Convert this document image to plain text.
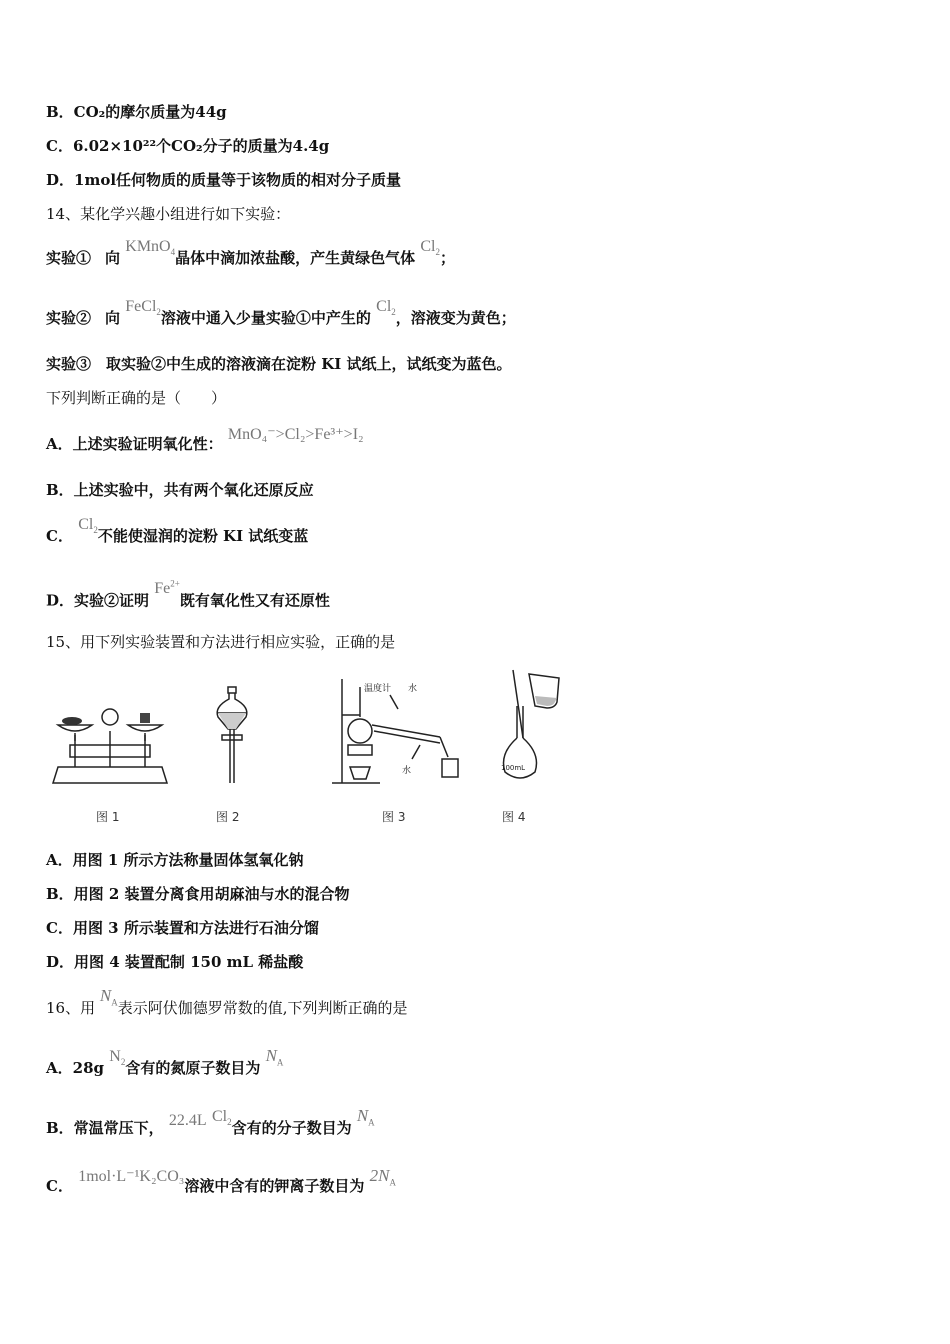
B．CO₂的摩尔质量为44g
C．6.02×10²²个CO₂分子的质量为4.4g
D．1mol任何物质的质量等于该物质的相对分子质量
14、某化学兴趣小组进行如下实验：
实验① 向 KMnO$_4$晶体中滴加浓盐酸，产生黄绿色气体 $Cl_2$；
实验② 向 FeCl$_2$溶液中通入少量实验①中产生的 $Cl_2$，溶液变为黄色；
实验③　取实验②中生成的溶液滴在淀粉 KI 试纸上，试纸变为蓝色。
下列判断正确的是（　　）
A．上述实验证明氧化性： MnO₄⁻>Cl₂>Fe³⁺>I₂
B．上述实验中，共有两个氧化还原反应
C． $Cl_2$不能使湿润的淀粉 KI 试纸变蓝
D．实验②证明 $Fe^{2+}$既有氧化性又有还原性
15、用下列实验装置和方法进行相应实验，正确的是
图 1	图 2
温度计 水
水
图 3
100mL
图 4
A．用图 1 所示方法称量固体氢氧化钠
B．用图 2 装置分离食用胡麻油与水的混合物
C．用图 3 所示装置和方法进行石油分馏
D．用图 4 装置配制 150 mL 稀盐酸
16、用 $N_A$表示阿伏伽德罗常数的值,下列判断正确的是
A．28g $N_2$含有的氮原子数目为 $N_A$
B．常温常压下， 22.4L $Cl_2$含有的分子数目为 $N_A$
C． 1mol·L⁻¹K₂CO₃溶液中含有的钾离子数目为 $2N_A$
